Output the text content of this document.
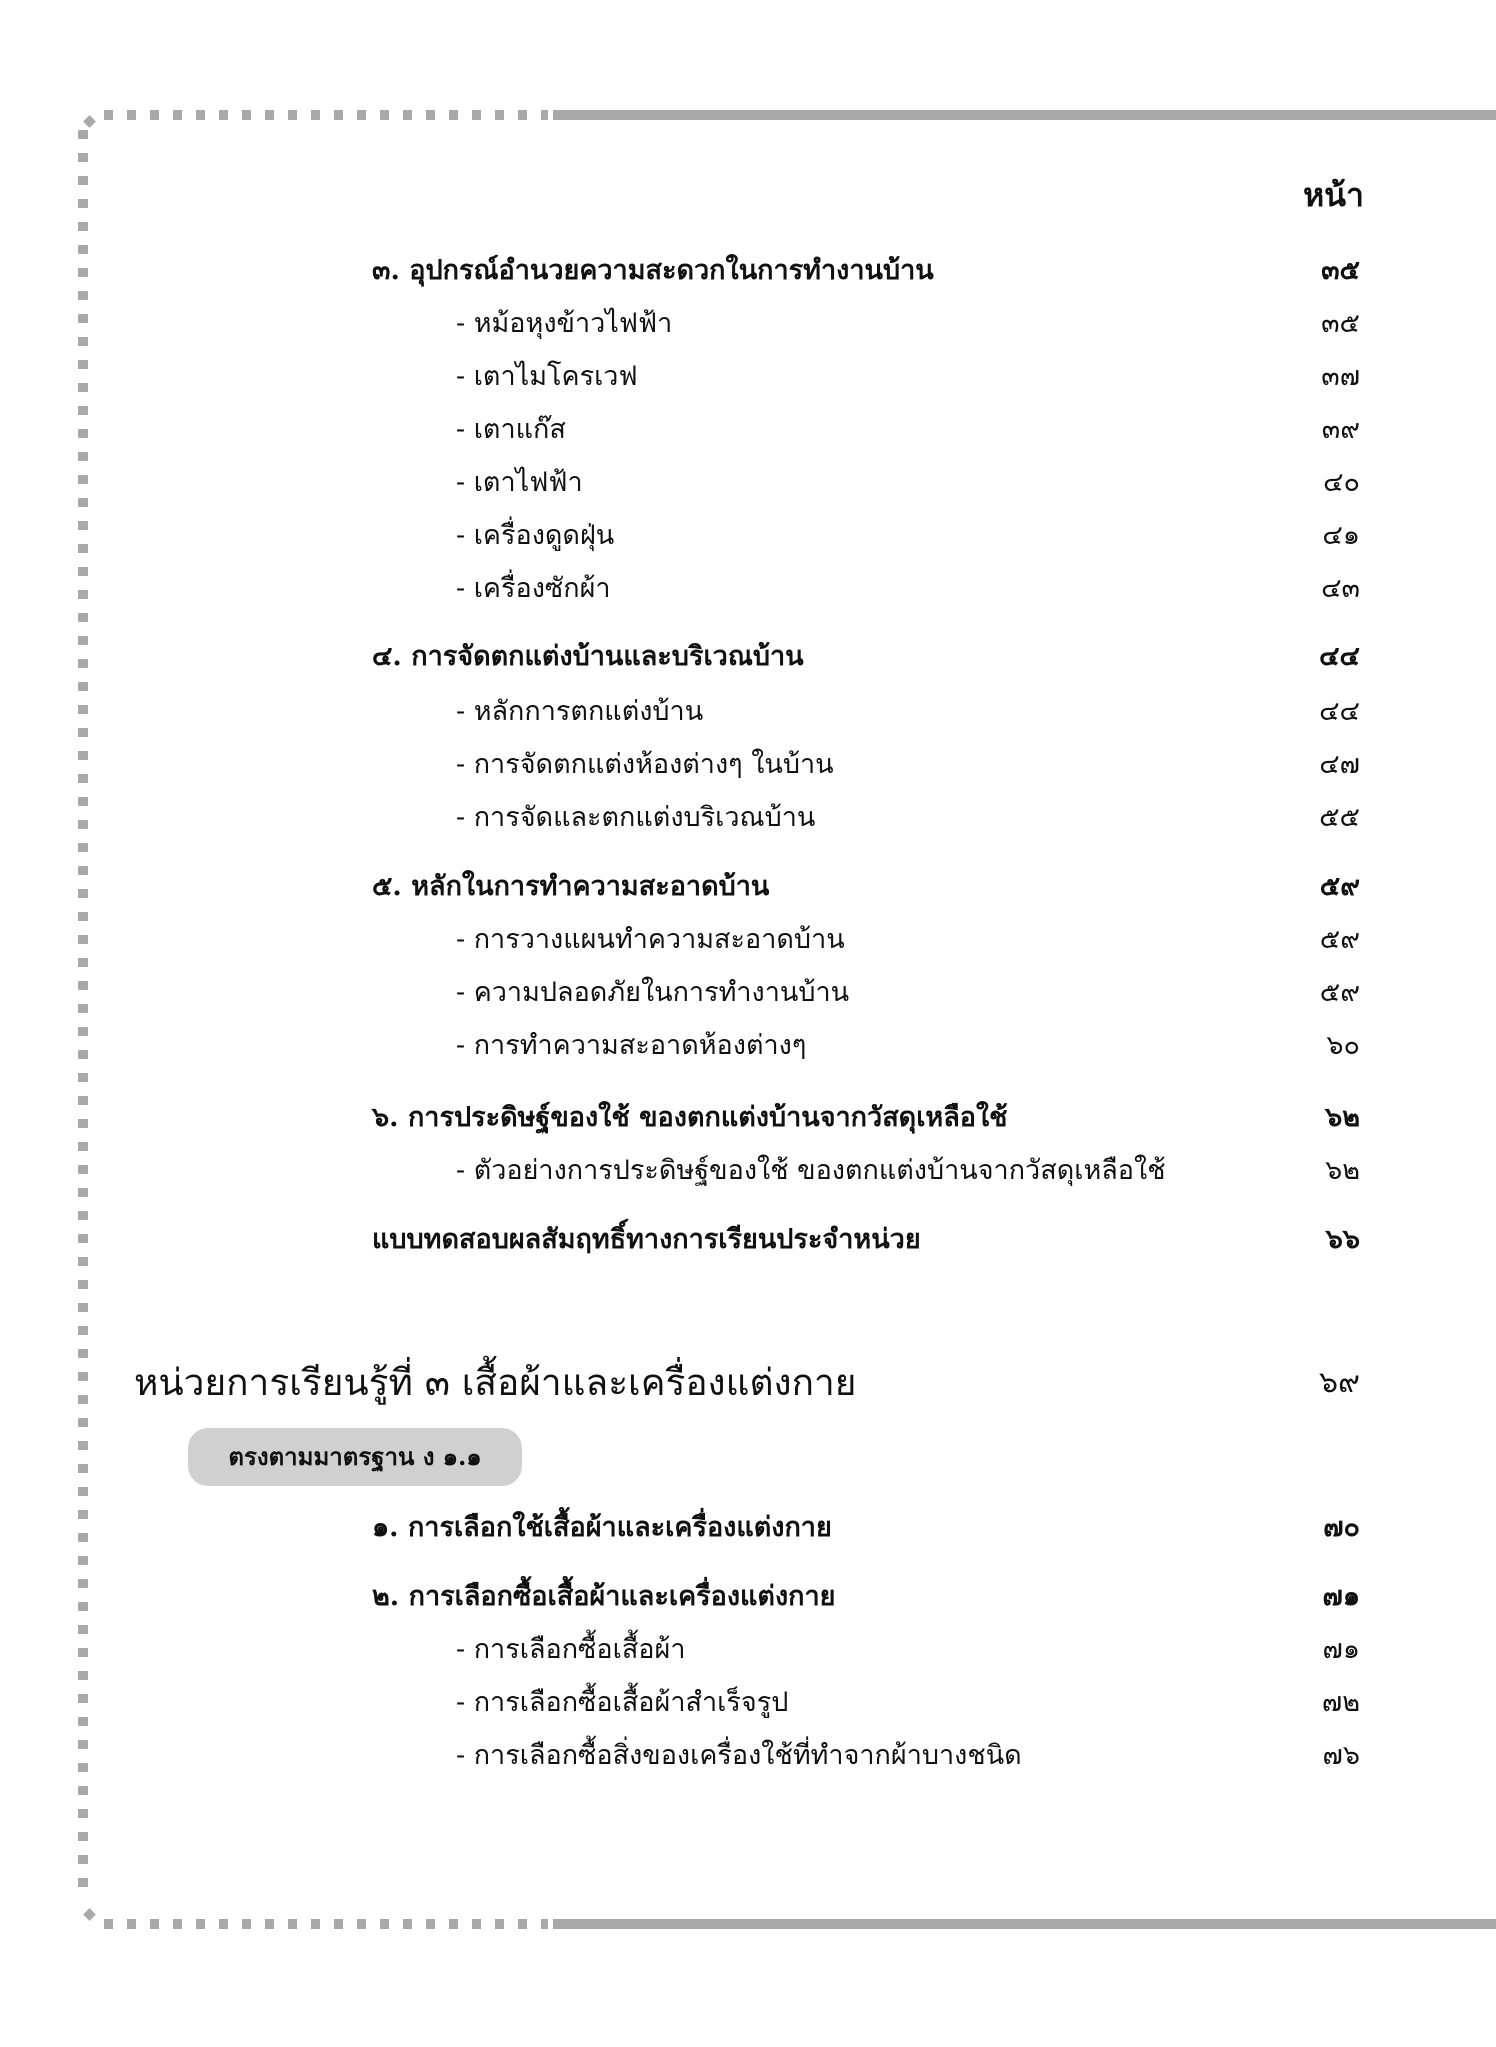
หน้า
๓. อุปกรณ์อำนวยความสะดวกในการทำงานบ้าน	๓๕
- หม้อหุงข้าวไฟฟ้า	๓๕
- เตาไมโครเวฟ	๓๗
- เตาแก๊ส	๓๙
- เตาไฟฟ้า	๔๐
- เครื่องดูดฝุ่น	๔๑
- เครื่องซักผ้า	๔๓
๔. การจัดตกแต่งบ้านและบริเวณบ้าน	๔๔
- หลักการตกแต่งบ้าน	๔๔
- การจัดตกแต่งห้องต่างๆ ในบ้าน	๔๗
- การจัดและตกแต่งบริเวณบ้าน	๕๕
๕. หลักในการทำความสะอาดบ้าน	๕๙
- การวางแผนทำความสะอาดบ้าน	๕๙
- ความปลอดภัยในการทำงานบ้าน	๕๙
- การทำความสะอาดห้องต่างๆ	๖๐
๖. การประดิษฐ์ของใช้ ของตกแต่งบ้านจากวัสดุเหลือใช้	๖๒
- ตัวอย่างการประดิษฐ์ของใช้ ของตกแต่งบ้านจากวัสดุเหลือใช้	๖๒
แบบทดสอบผลสัมฤทธิ์ทางการเรียนประจำหน่วย	๖๖
หน่วยการเรียนรู้ที่ ๓ เสื้อผ้าและเครื่องแต่งกาย	๖๙
ตรงตามมาตรฐาน ง ๑.๑
๑. การเลือกใช้เสื้อผ้าและเครื่องแต่งกาย	๗๐
๒. การเลือกซื้อเสื้อผ้าและเครื่องแต่งกาย	๗๑
- การเลือกซื้อเสื้อผ้า	๗๑
- การเลือกซื้อเสื้อผ้าสำเร็จรูป	๗๒
- การเลือกซื้อสิ่งของเครื่องใช้ที่ทำจากผ้าบางชนิด	๗๖
